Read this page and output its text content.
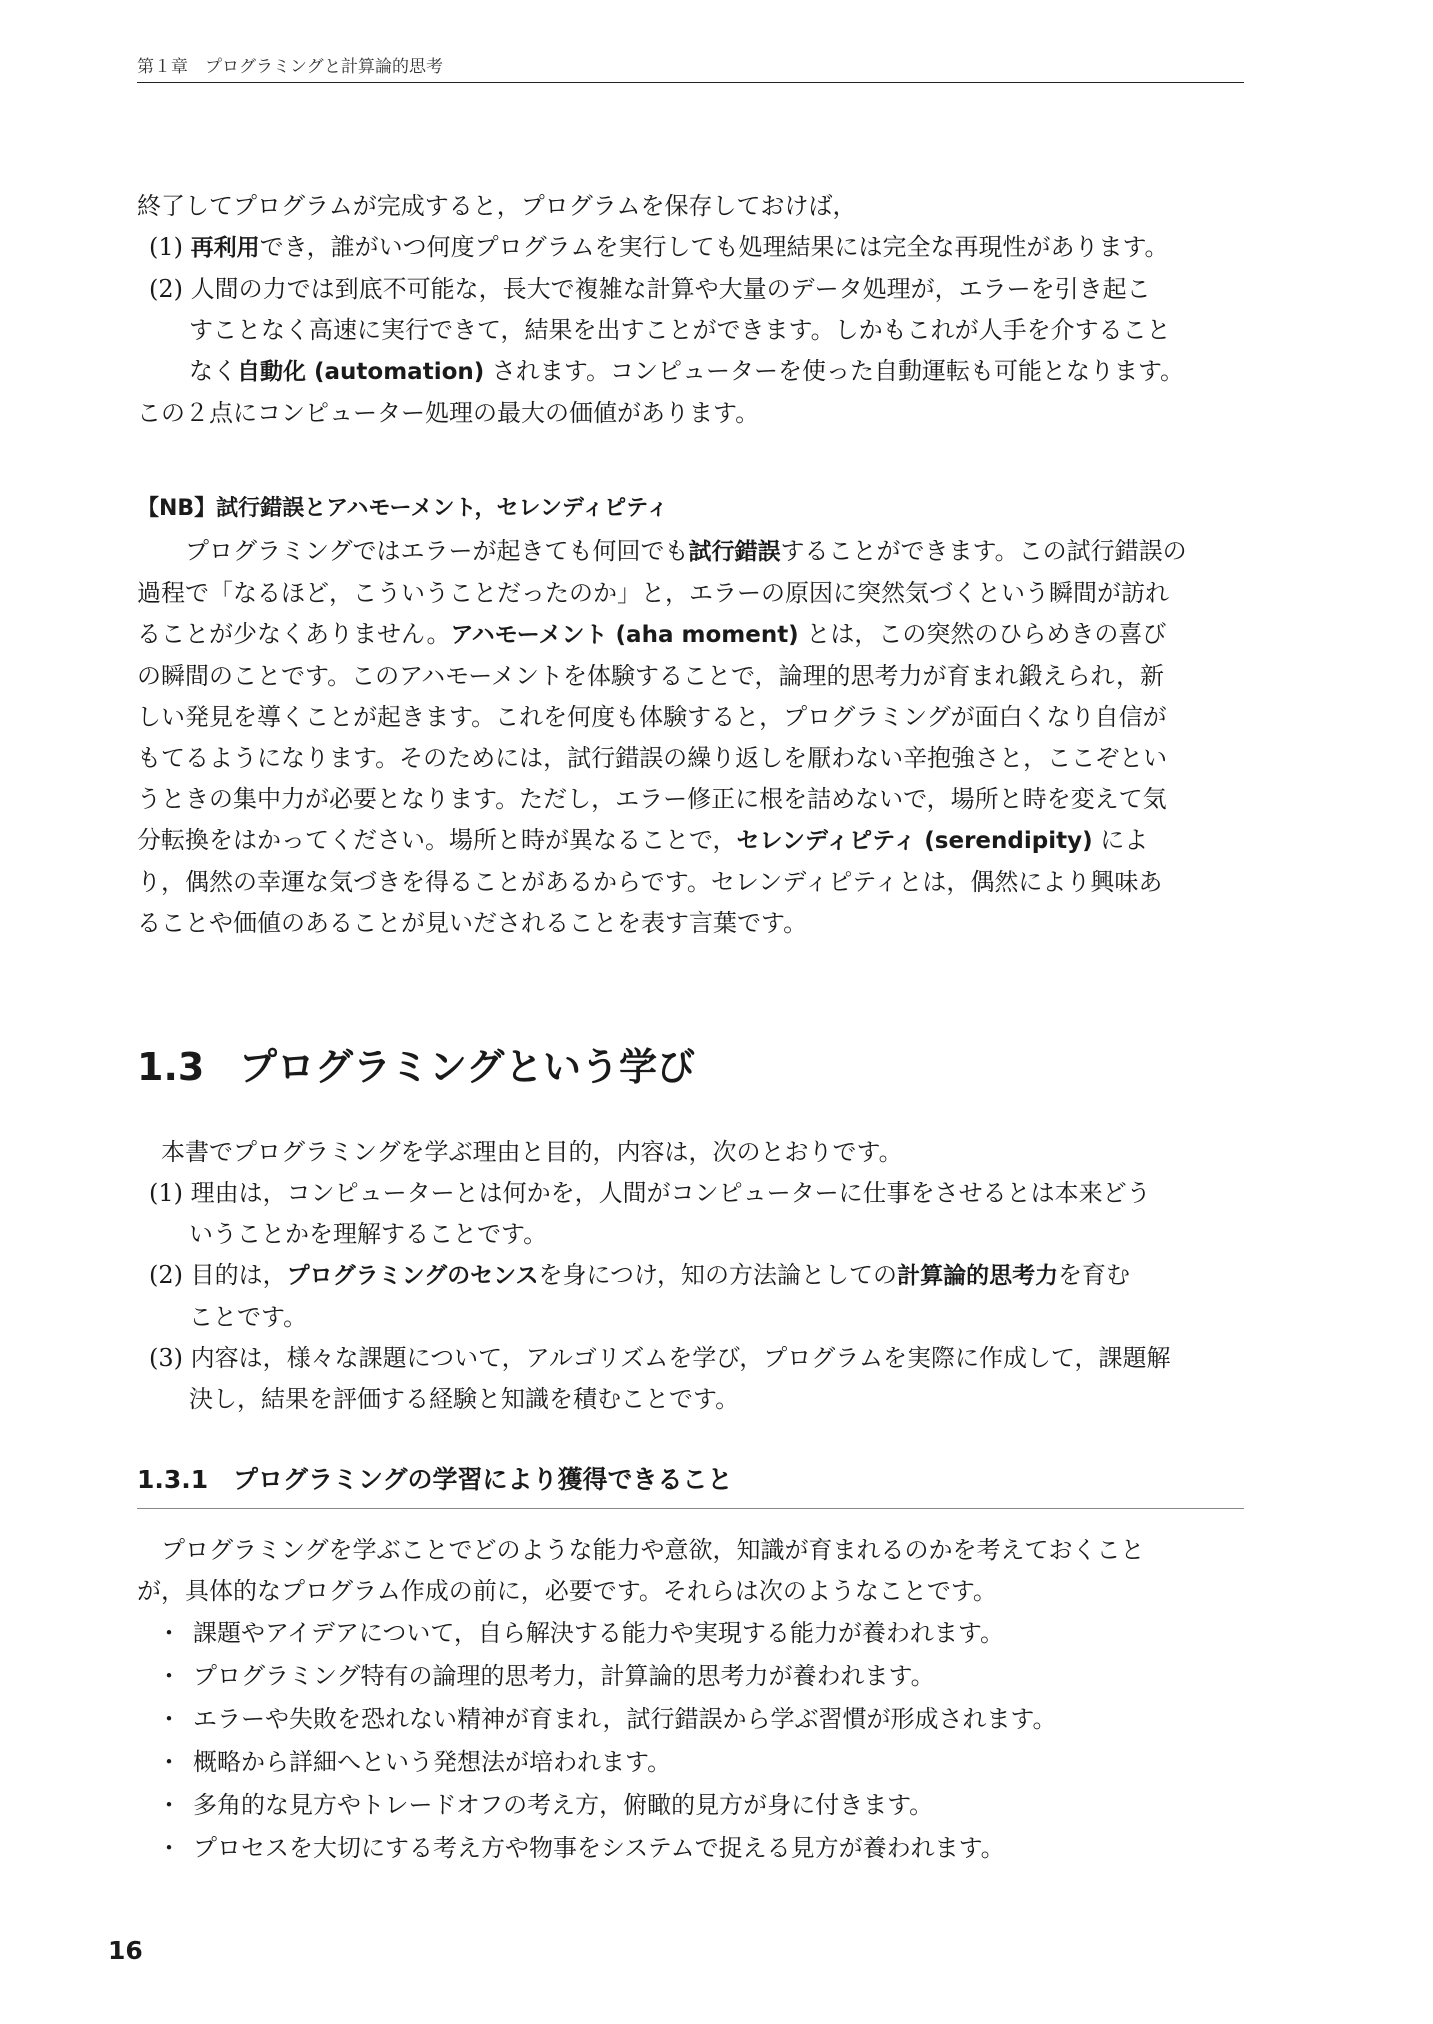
第１章　プログラミングと計算論的思考

終了してプログラムが完成すると，プログラムを保存しておけば，

(1) 再利用でき，誰がいつ何度プログラムを実行しても処理結果には完全な再現性があります。

(2) 人間の力では到底不可能な，長大で複雑な計算や大量のデータ処理が，エラーを引き起こ

すことなく高速に実行できて，結果を出すことができます。しかもこれが人手を介すること

なく自動化 (automation) されます。コンピューターを使った自動運転も可能となります。

この２点にコンピューター処理の最大の価値があります。

【NB】試行錯誤とアハモーメント，セレンディピティ

プログラミングではエラーが起きても何回でも試行錯誤することができます。この試行錯誤の

過程で「なるほど，こういうことだったのか」と，エラーの原因に突然気づくという瞬間が訪れ

ることが少なくありません。アハモーメント (aha moment) とは，この突然のひらめきの喜び

の瞬間のことです。このアハモーメントを体験することで，論理的思考力が育まれ鍛えられ，新

しい発見を導くことが起きます。これを何度も体験すると，プログラミングが面白くなり自信が

もてるようになります。そのためには，試行錯誤の繰り返しを厭わない辛抱強さと，ここぞとい

うときの集中力が必要となります。ただし，エラー修正に根を詰めないで，場所と時を変えて気

分転換をはかってください。場所と時が異なることで，セレンディピティ (serendipity) によ

り，偶然の幸運な気づきを得ることがあるからです。セレンディピティとは，偶然により興味あ

ることや価値のあることが見いだされることを表す言葉です。

1.3 プログラミングという学び

本書でプログラミングを学ぶ理由と目的，内容は，次のとおりです。

(1) 理由は，コンピューターとは何かを，人間がコンピューターに仕事をさせるとは本来どう

いうことかを理解することです。

(2) 目的は，プログラミングのセンスを身につけ，知の方法論としての計算論的思考力を育む

ことです。

(3) 内容は，様々な課題について，アルゴリズムを学び，プログラムを実際に作成して，課題解

決し，結果を評価する経験と知識を積むことです。

1.3.1 プログラミングの学習により獲得できること

プログラミングを学ぶことでどのような能力や意欲，知識が育まれるのかを考えておくこと

が，具体的なプログラム作成の前に，必要です。それらは次のようなことです。

・ 課題やアイデアについて，自ら解決する能力や実現する能力が養われます。
・ プログラミング特有の論理的思考力，計算論的思考力が養われます。
・ エラーや失敗を恐れない精神が育まれ，試行錯誤から学ぶ習慣が形成されます。
・ 概略から詳細へという発想法が培われます。
・ 多角的な見方やトレードオフの考え方，俯瞰的見方が身に付きます。
・ プロセスを大切にする考え方や物事をシステムで捉える見方が養われます。
16
